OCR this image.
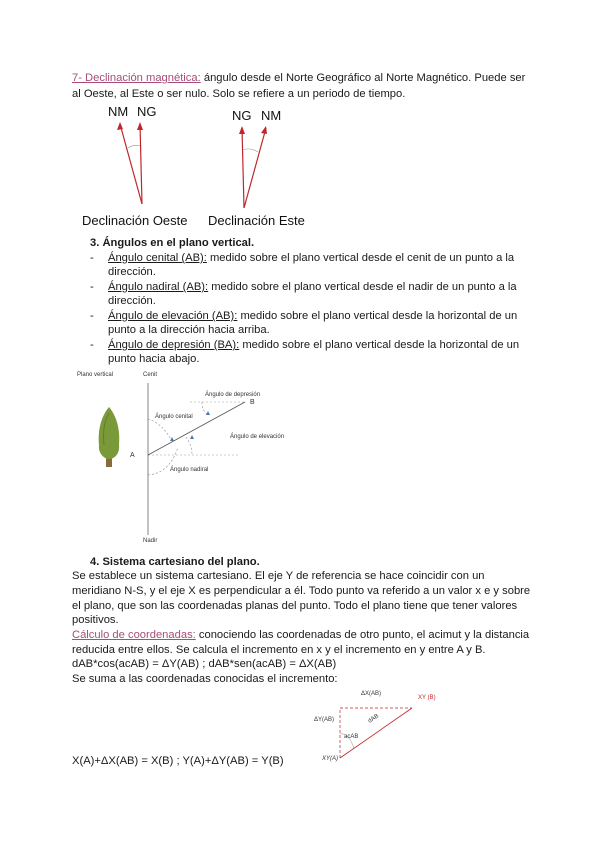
7- Declinación magnética: ángulo desde el Norte Geográfico al Norte Magnético. Puede ser
al Oeste, al Este o ser nulo. Solo se refiere a un periodo de tiempo.
NM NG	NG NM
Declinación Oeste Declinación Este
3. Ángulos en el plano vertical.
- Ángulo cenital (AB): medido sobre el plano vertical desde el cenit de un punto a la
dirección.
- Ángulo nadiral (AB): medido sobre el plano vertical desde el nadir de un punto a la
dirección.
- Ángulo de elevación (AB): medido sobre el plano vertical desde la horizontal de un
punto a la dirección hacia arriba.
- Ángulo de depresión (BA): medido sobre el plano vertical desde la horizontal de un
punto hacia abajo.
Plano vertical	Cenit
Nadir
A
B
Ángulo de depresión
Ángulo cenital
Ángulo de elevación
Ángulo nadiral
4. Sistema cartesiano del plano.
Se establece un sistema cartesiano. El eje Y de referencia se hace coincidir con un
meridiano N-S, y el eje X es perpendicular a él. Todo punto va referido a un valor x e y sobre
el plano, que son las coordenadas planas del punto. Todo el plano tiene que tener valores
positivos.
Cálculo de coordenadas: conociendo las coordenadas de otro punto, el acimut y la distancia
reducida entre ellos. Se calcula el incremento en x y el incremento en y entre A y B.
dAB*cos(acAB) = ΔY(AB) ; dAB*sen(acAB) = ΔX(AB)
Se suma a las coordenadas conocidas el incremento:
ΔX(AB)
XY (B)
ΔY(AB)	dAB
acAB
XY(A)
X(A)+ΔX(AB) = X(B) ; Y(A)+ΔY(AB) = Y(B)
